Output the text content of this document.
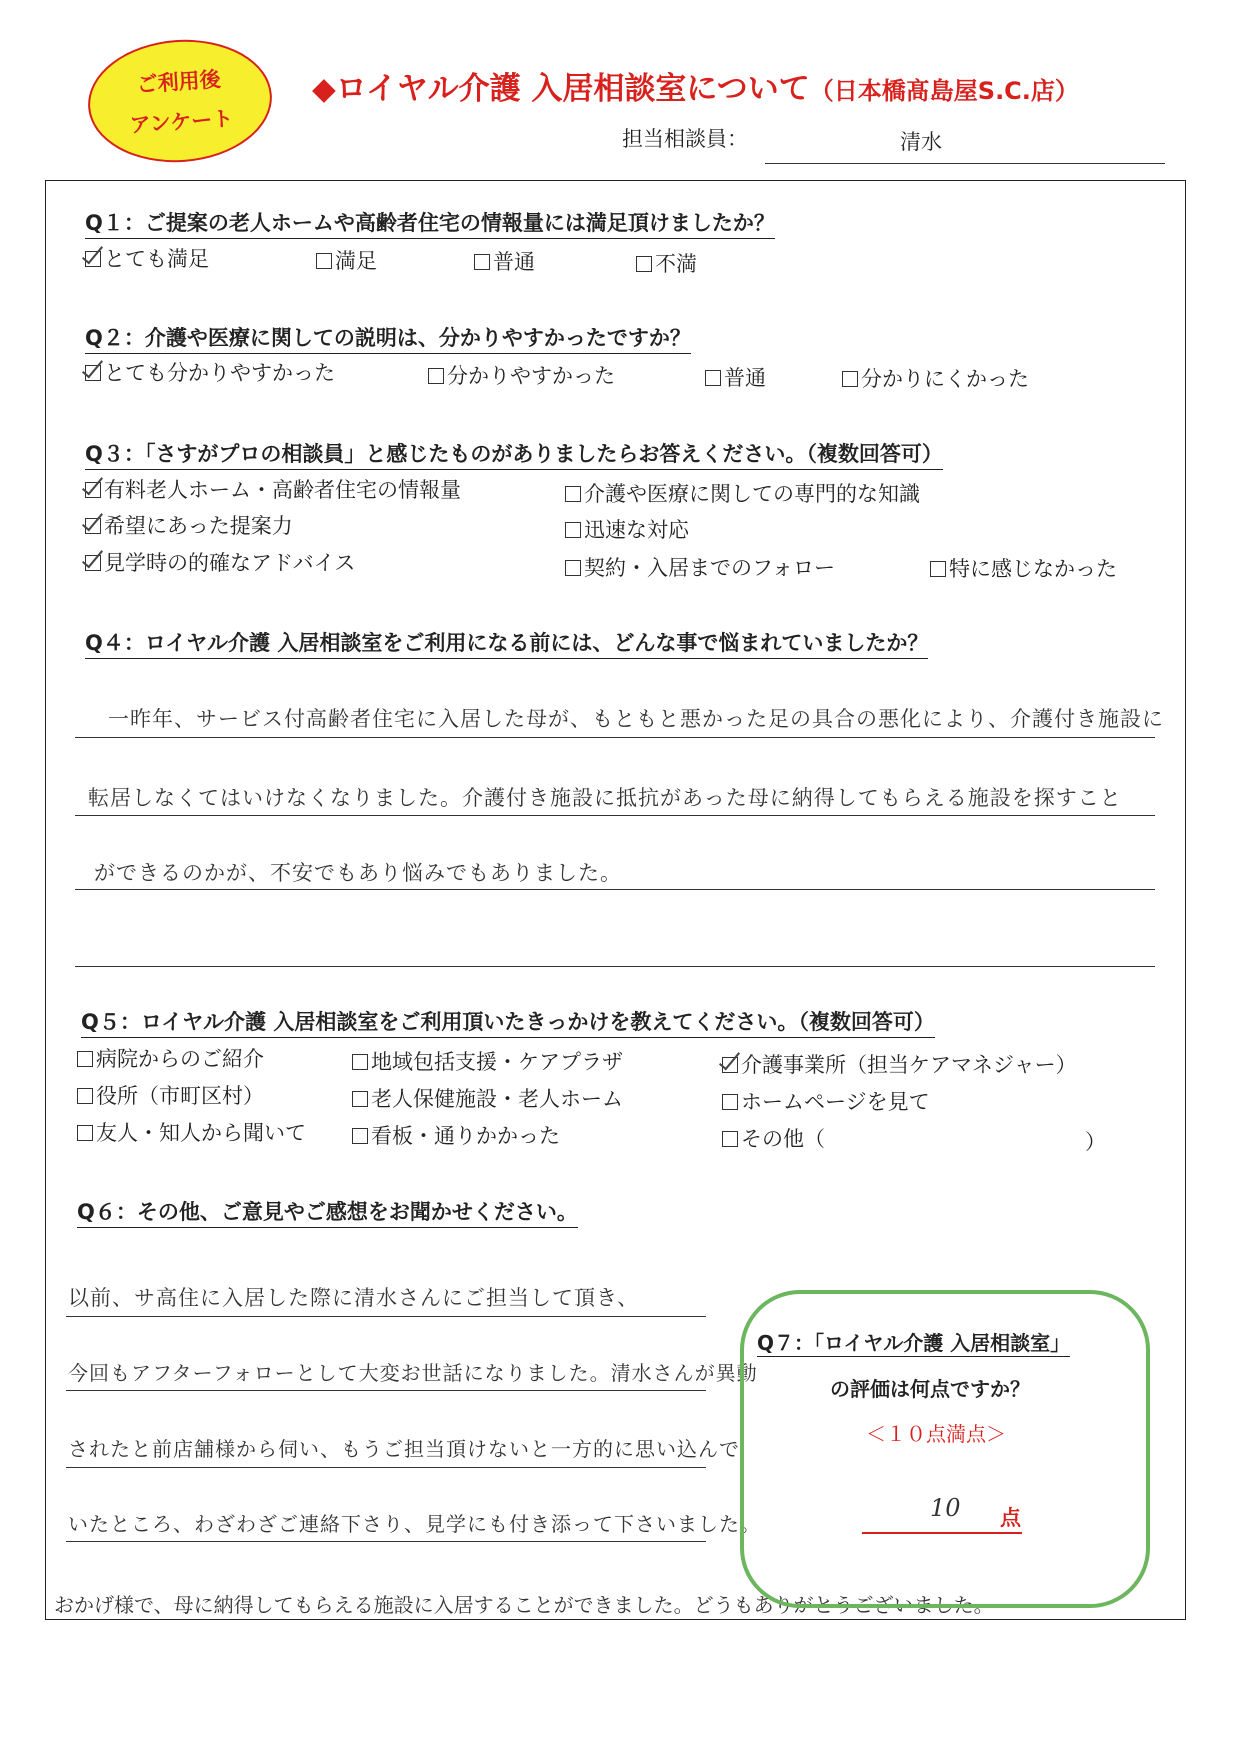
ご利用後
アンケート
◆ロイヤル介護 入居相談室について（日本橋髙島屋S.C.店）
担当相談員：	清水
Q１：ご提案の老人ホームや高齢者住宅の情報量には満足頂けましたか？
とても満足	満足	普通	不満
Q２：介護や医療に関しての説明は、分かりやすかったですか？
とても分かりやすかった	分かりやすかった	普通	分かりにくかった
Q３：「さすがプロの相談員」と感じたものがありましたらお答えください。（複数回答可）
有料老人ホーム・高齢者住宅の情報量	介護や医療に関しての専門的な知識
希望にあった提案力	迅速な対応
見学時の的確なアドバイス	契約・入居までのフォロー	特に感じなかった
Q４：ロイヤル介護 入居相談室をご利用になる前には、どんな事で悩まれていましたか？
一昨年、サービス付高齢者住宅に入居した母が、もともと悪かった足の具合の悪化により、介護付き施設に
転居しなくてはいけなくなりました。介護付き施設に抵抗があった母に納得してもらえる施設を探すこと
ができるのかが、不安でもあり悩みでもありました。
Q５：ロイヤル介護 入居相談室をご利用頂いたきっかけを教えてください。（複数回答可）
病院からのご紹介	地域包括支援・ケアプラザ	介護事業所（担当ケアマネジャー）
役所（市町区村）	老人保健施設・老人ホーム	ホームページを見て
友人・知人から聞いて	看板・通りかかった	その他（	）
Q６：その他、ご意見やご感想をお聞かせください。
以前、サ高住に入居した際に清水さんにご担当して頂き、
今回もアフターフォローとして大変お世話になりました。清水さんが異動
されたと前店舗様から伺い、もうご担当頂けないと一方的に思い込んで
いたところ、わざわざご連絡下さり、見学にも付き添って下さいました。
おかげ様で、母に納得してもらえる施設に入居することができました。どうもありがとうございました。
Q７：「ロイヤル介護 入居相談室」
の評価は何点ですか？
＜１０点満点＞
10 点
